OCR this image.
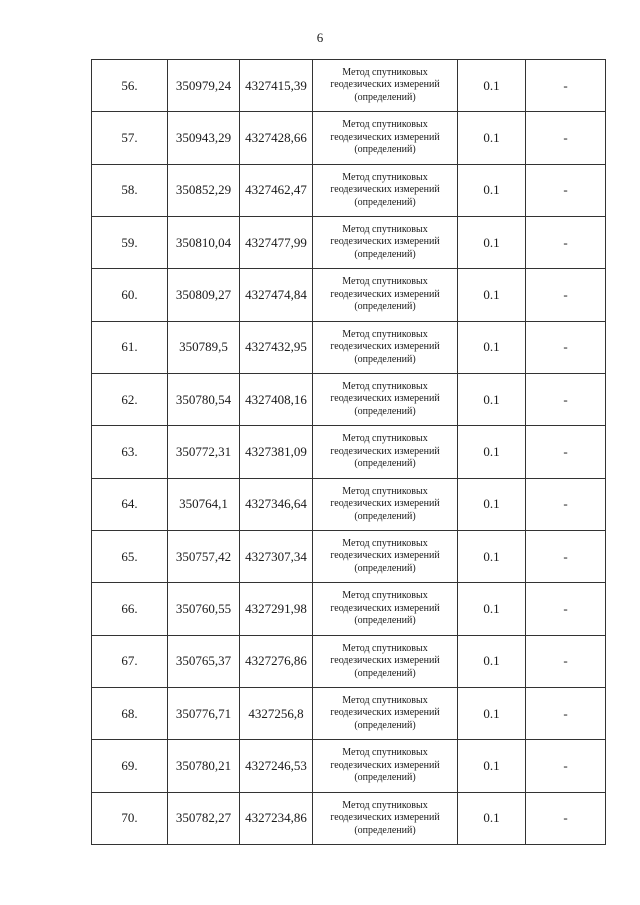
6
56.	350979,24	4327415,39	Метод спутниковых
геодезических измерений
(определений)	0.1	-
57.	350943,29	4327428,66	Метод спутниковых
геодезических измерений
(определений)	0.1	-
58.	350852,29	4327462,47	Метод спутниковых
геодезических измерений
(определений)	0.1	-
59.	350810,04	4327477,99	Метод спутниковых
геодезических измерений
(определений)	0.1	-
60.	350809,27	4327474,84	Метод спутниковых
геодезических измерений
(определений)	0.1	-
61.	350789,5	4327432,95	Метод спутниковых
геодезических измерений
(определений)	0.1	-
62.	350780,54	4327408,16	Метод спутниковых
геодезических измерений
(определений)	0.1	-
63.	350772,31	4327381,09	Метод спутниковых
геодезических измерений
(определений)	0.1	-
64.	350764,1	4327346,64	Метод спутниковых
геодезических измерений
(определений)	0.1	-
65.	350757,42	4327307,34	Метод спутниковых
геодезических измерений
(определений)	0.1	-
66.	350760,55	4327291,98	Метод спутниковых
геодезических измерений
(определений)	0.1	-
67.	350765,37	4327276,86	Метод спутниковых
геодезических измерений
(определений)	0.1	-
68.	350776,71	4327256,8	Метод спутниковых
геодезических измерений
(определений)	0.1	-
69.	350780,21	4327246,53	Метод спутниковых
геодезических измерений
(определений)	0.1	-
70.	350782,27	4327234,86	Метод спутниковых
геодезических измерений
(определений)	0.1	-
